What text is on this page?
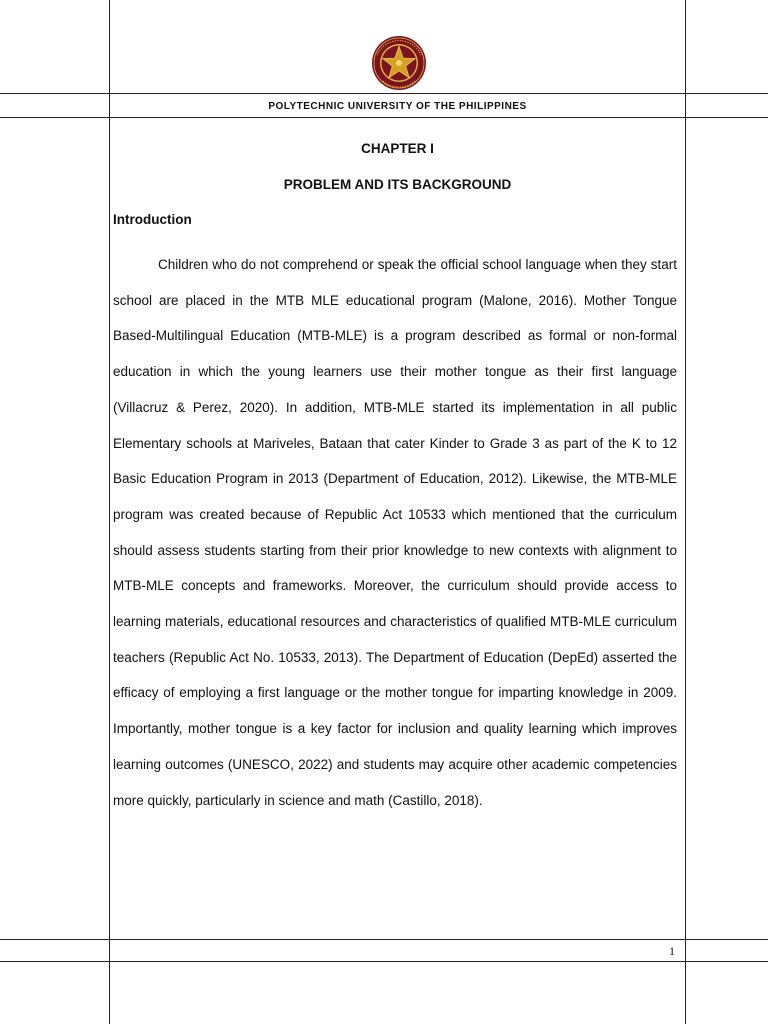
POLYTECHNIC UNIVERSITY OF THE PHILIPPINES
CHAPTER I
PROBLEM AND ITS BACKGROUND
Introduction

Children who do not comprehend or speak the official school language when they start school are placed in the MTB MLE educational program (Malone, 2016). Mother Tongue Based-Multilingual Education (MTB-MLE) is a program described as formal or non-formal education in which the young learners use their mother tongue as their first language (Villacruz & Perez, 2020). In addition, MTB-MLE started its implementation in all public Elementary schools at Mariveles, Bataan that cater Kinder to Grade 3 as part of the K to 12 Basic Education Program in 2013 (Department of Education, 2012). Likewise, the MTB-MLE program was created because of Republic Act 10533 which mentioned that the curriculum should assess students starting from their prior knowledge to new contexts with alignment to MTB-MLE concepts and frameworks. Moreover, the curriculum should provide access to learning materials, educational resources and characteristics of qualified MTB-MLE curriculum teachers (Republic Act No. 10533, 2013). The Department of Education (DepEd) asserted the efficacy of employing a first language or the mother tongue for imparting knowledge in 2009. Importantly, mother tongue is a key factor for inclusion and quality learning which improves learning outcomes (UNESCO, 2022) and students may acquire other academic competencies more quickly, particularly in science and math (Castillo, 2018).

1
